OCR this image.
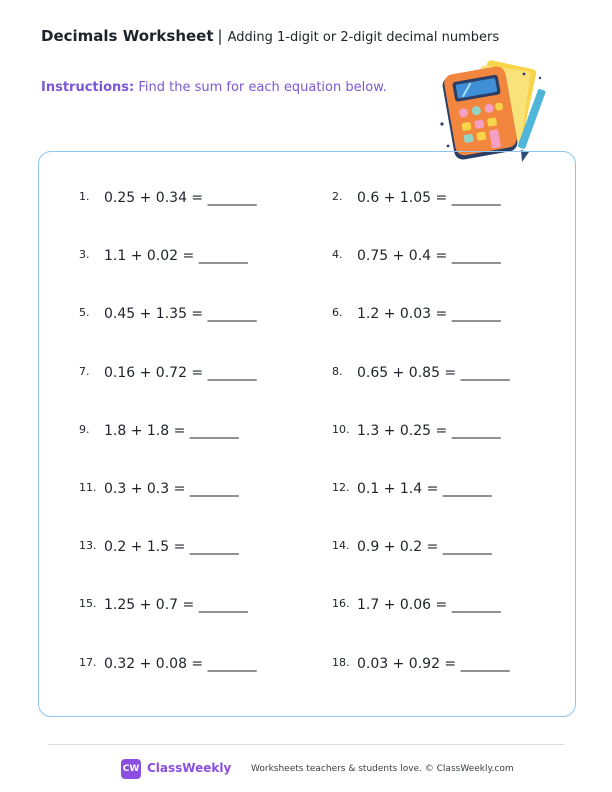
Decimals Worksheet | Adding 1-digit or 2-digit decimal numbers
Instructions: Find the sum for each equation below.
1. 0.25 + 0.34 = _______	2. 0.6 + 1.05 = _______
3. 1.1 + 0.02 = _______	4. 0.75 + 0.4 = _______
5. 0.45 + 1.35 = _______	6. 1.2 + 0.03 = _______
7. 0.16 + 0.72 = _______	8. 0.65 + 0.85 = _______
9. 1.8 + 1.8 = _______	10. 1.3 + 0.25 = _______
11. 0.3 + 0.3 = _______	12. 0.1 + 1.4 = _______
13. 0.2 + 1.5 = _______	14. 0.9 + 0.2 = _______
15. 1.25 + 0.7 = _______	16. 1.7 + 0.06 = _______
17. 0.32 + 0.08 = _______	18. 0.03 + 0.92 = _______
CW ClassWeekly Worksheets teachers & students love. © ClassWeekly.com
